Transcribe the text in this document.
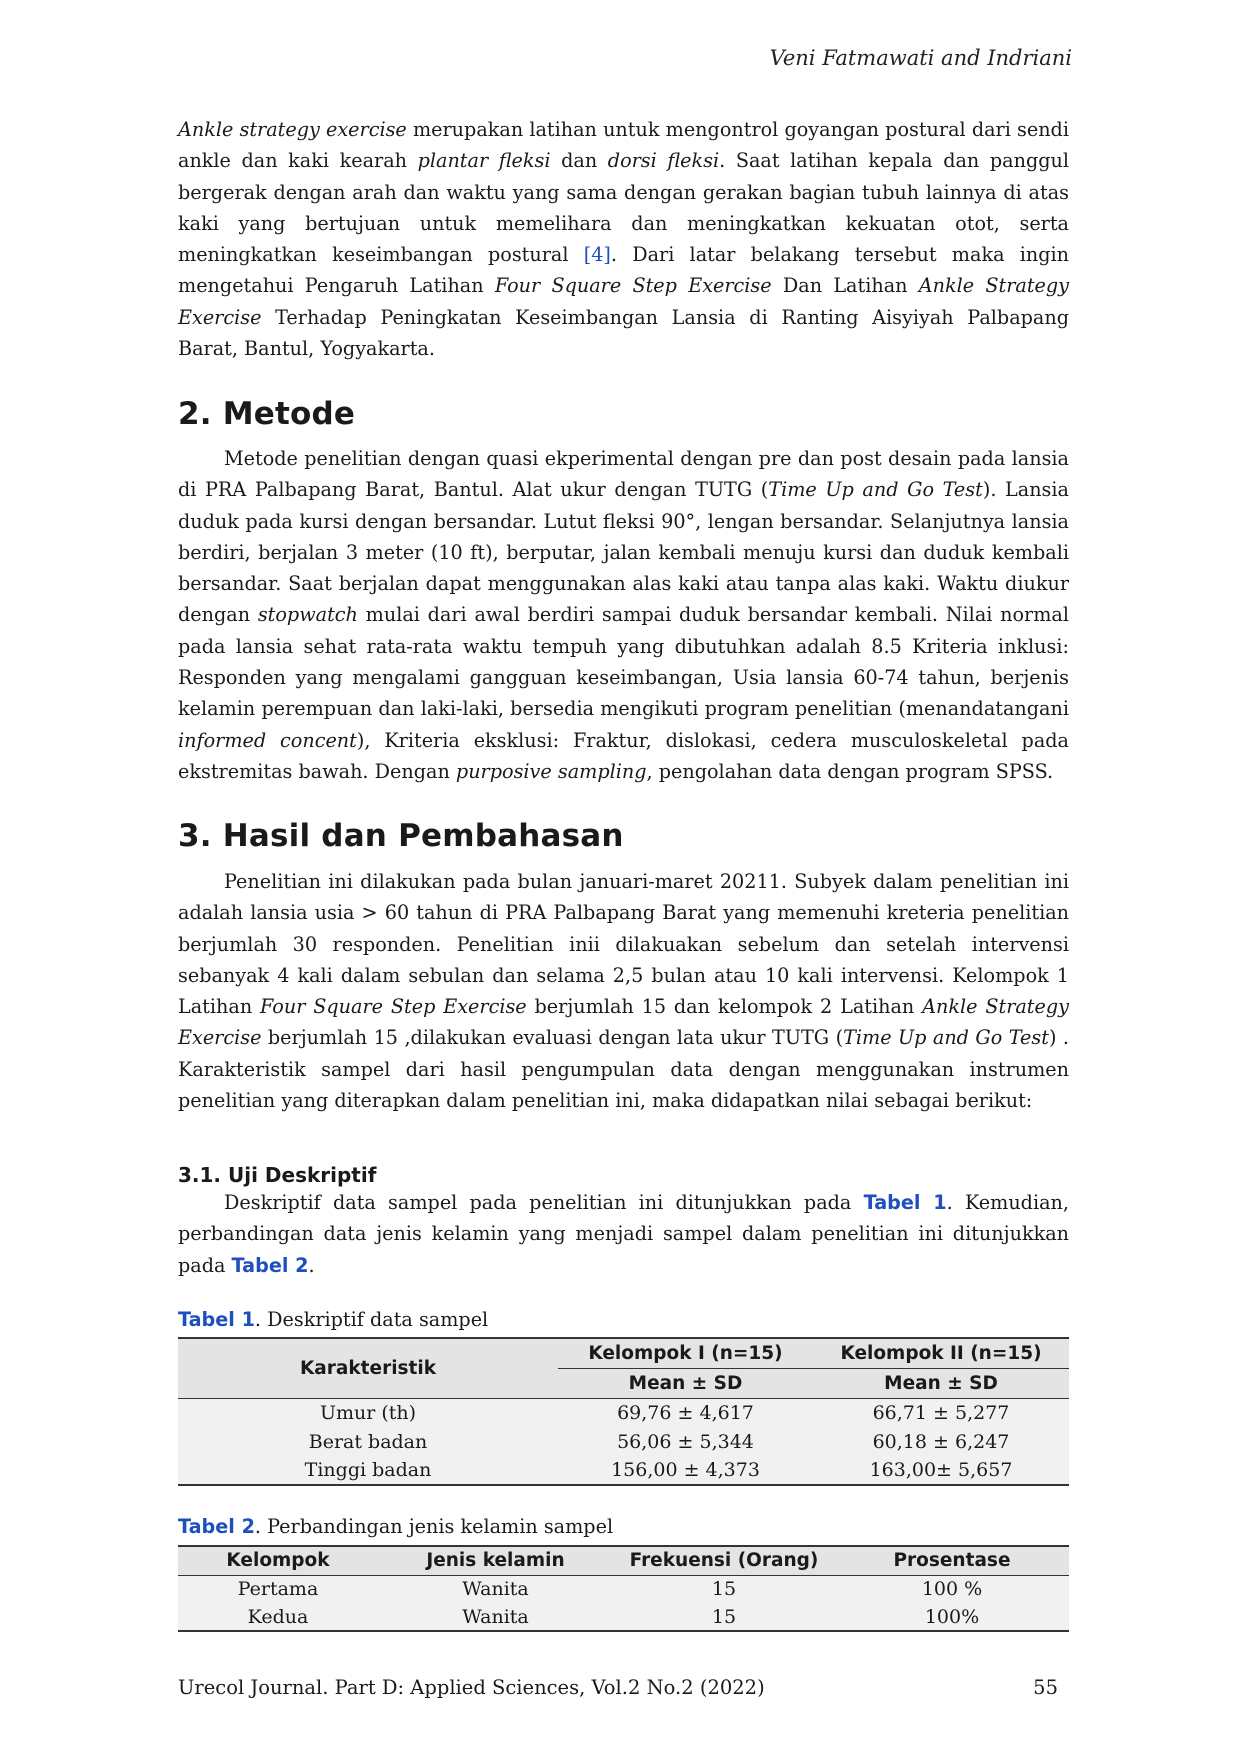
Veni Fatmawati and Indriani

Ankle strategy exercise merupakan latihan untuk mengontrol goyangan postural dari sendi ankle dan kaki kearah plantar fleksi dan dorsi fleksi. Saat latihan kepala dan panggul bergerak dengan arah dan waktu yang sama dengan gerakan bagian tubuh lainnya di atas kaki yang bertujuan untuk memelihara dan meningkatkan kekuatan otot, serta meningkatkan keseimbangan postural [4]. Dari latar belakang tersebut maka ingin mengetahui Pengaruh Latihan Four Square Step Exercise Dan Latihan Ankle Strategy Exercise Terhadap Peningkatan Keseimbangan Lansia di Ranting Aisyiyah Palbapang Barat, Bantul, Yogyakarta.

2. Metode

Metode penelitian dengan quasi ekperimental dengan pre dan post desain pada lansia di PRA Palbapang Barat, Bantul. Alat ukur dengan TUTG (Time Up and Go Test). Lansia duduk pada kursi dengan bersandar. Lutut fleksi 90°, lengan bersandar. Selanjutnya lansia berdiri, berjalan 3 meter (10 ft), berputar, jalan kembali menuju kursi dan duduk kembali bersandar. Saat berjalan dapat menggunakan alas kaki atau tanpa alas kaki. Waktu diukur dengan stopwatch mulai dari awal berdiri sampai duduk bersandar kembali. Nilai normal pada lansia sehat rata-rata waktu tempuh yang dibutuhkan adalah 8.5 Kriteria inklusi: Responden yang mengalami gangguan keseimbangan, Usia lansia 60-74 tahun, berjenis kelamin perempuan dan laki-laki, bersedia mengikuti program penelitian (menandatangani informed concent), Kriteria eksklusi: Fraktur, dislokasi, cedera musculoskeletal pada ekstremitas bawah. Dengan purposive sampling, pengolahan data dengan program SPSS.

3. Hasil dan Pembahasan

Penelitian ini dilakukan pada bulan januari-maret 20211. Subyek dalam penelitian ini adalah lansia usia > 60 tahun di PRA Palbapang Barat yang memenuhi kreteria penelitian berjumlah 30 responden. Penelitian inii dilakuakan sebelum dan setelah intervensi sebanyak 4 kali dalam sebulan dan selama 2,5 bulan atau 10 kali intervensi. Kelompok 1 Latihan Four Square Step Exercise berjumlah 15 dan kelompok 2 Latihan Ankle Strategy Exercise berjumlah 15 ,dilakukan evaluasi dengan lata ukur TUTG (Time Up and Go Test) . Karakteristik sampel dari hasil pengumpulan data dengan menggunakan instrumen penelitian yang diterapkan dalam penelitian ini, maka didapatkan nilai sebagai berikut:

3.1. Uji Deskriptif

Deskriptif data sampel pada penelitian ini ditunjukkan pada Tabel 1. Kemudian, perbandingan data jenis kelamin yang menjadi sampel dalam penelitian ini ditunjukkan pada Tabel 2.

Tabel 1. Deskriptif data sampel

Karakteristik	Kelompok I (n=15)	Kelompok II (n=15)
	Mean ± SD	Mean ± SD
Umur (th)	69,76 ± 4,617	66,71 ± 5,277
Berat badan	56,06 ± 5,344	60,18 ± 6,247
Tinggi badan	156,00 ± 4,373	163,00± 5,657

Tabel 2. Perbandingan jenis kelamin sampel

Kelompok	Jenis kelamin	Frekuensi (Orang)	Prosentase
Pertama	Wanita	15	100 %
Kedua	Wanita	15	100%
Urecol Journal. Part D: Applied Sciences, Vol.2 No.2 (2022)	55
